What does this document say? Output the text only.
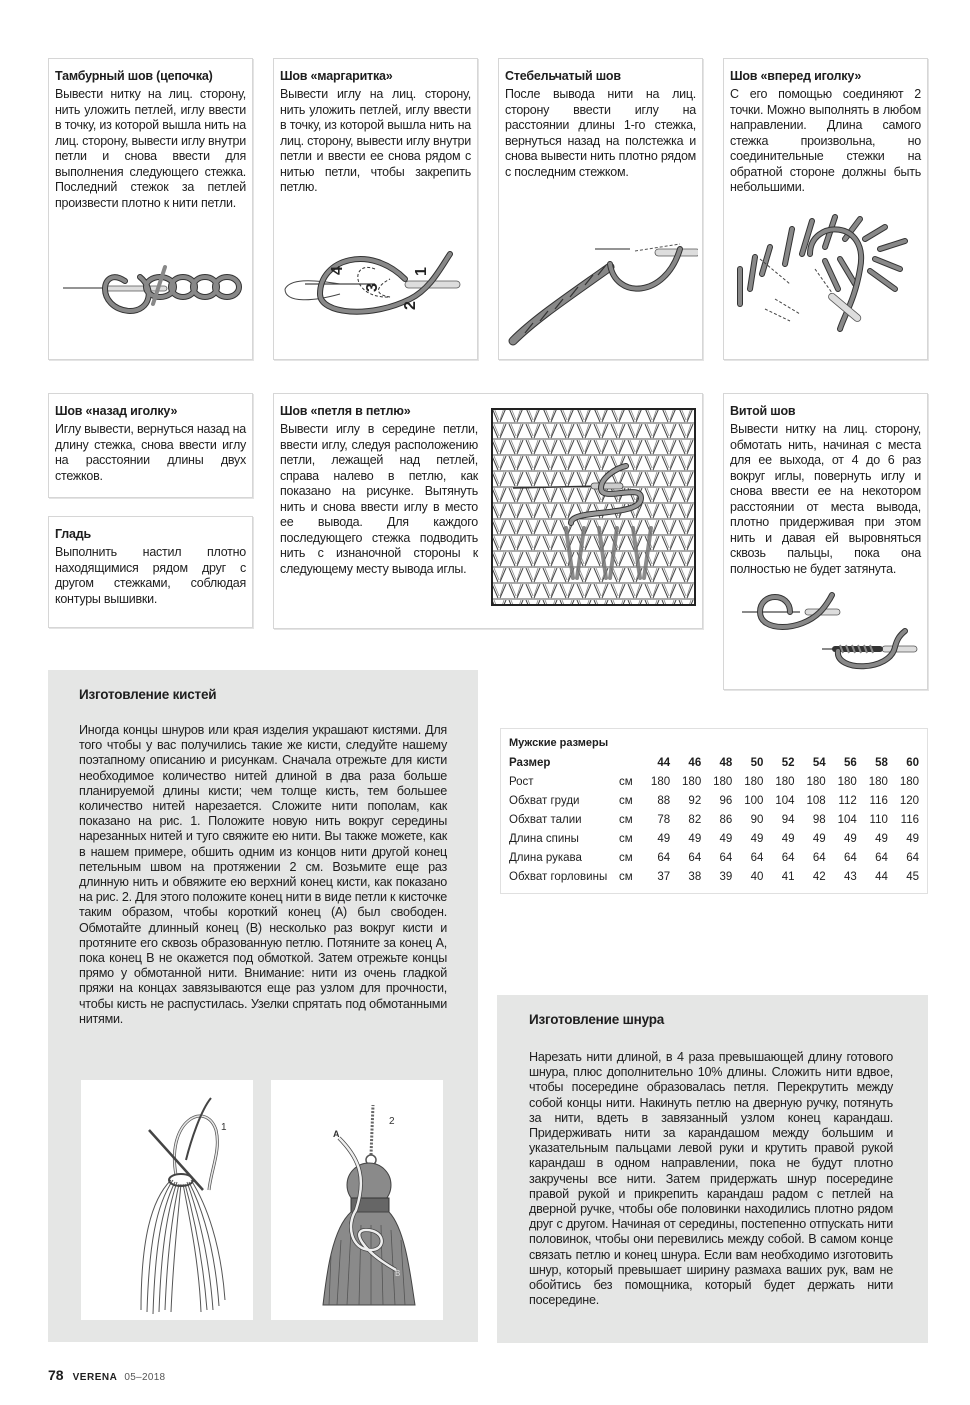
Тамбурный шов (цепочка)

Вывести нитку на лиц. сторону, нить уложить петлей, иглу ввести в точку, из которой вышла нить на лиц. сторону, вывести иглу внутри петли и снова ввести для выполнения следующего стежка. Последний стежок за петлей произвести плотно к нити петли.

Шов «маргаритка»

Вывести иглу на лиц. сторону, нить уложить петлей, иглу ввести в точку, из которой вышла нить на лиц. сторону, вывести иглу внутри петли и ввести ее снова рядом с нитью петли, чтобы закрепить петлю.

4
3
2
1
Стебельчатый шов

После вывода нити на лиц. сторону ввести иглу на расстоянии длины 1-го стежка, вернуться назад на полстежка и снова вывести нить плотно рядом с последним стежком.

Шов «вперед иголку»

С его помощью соединяют 2 точки. Можно выполнять в любом направлении. Длина самого стежка произвольна, но соединительные стежки на обратной стороне должны быть небольшими.

Шов «назад иголку»

Иглу вывести, вернуться назад на длину стежка, снова ввести иглу на расстоянии длины двух стежков.

Гладь

Выполнить настил плотно находящимися рядом друг с другом стежками, соблюдая контуры вышивки.

Шов «петля в петлю»

Вывести иглу в середине петли, ввести иглу, следуя расположению петли, лежащей над петлей, справа налево в петлю, как показано на рисунке. Вытянуть нить и снова ввести иглу в место ее вывода. Для каждого последующего стежка подводить нить с изнаночной стороны к следующему месту вывода иглы.

Витой шов

Вывести нитку на лиц. сторону, обмотать нить, начиная с места для ее выхода, от 4 до 6 раз вокруг иглы, повернуть иглу и снова ввести ее на некотором расстоянии от места вывода, плотно придерживая при этом нить и давая ей выровняться сквозь пальцы, пока она полностью не будет затянута.

Изготовление кистей

Иногда концы шнуров или края изделия украшают кистями. Для того чтобы у вас получились такие же кисти, следуйте нашему поэтапному описанию и рисункам. Сначала отрежьте для кисти необходимое количество нитей длиной в два раза больше планируемой длины кисти; чем толще кисть, тем большее количество нитей нарезается. Сложите нити пополам, как показано на рис. 1. Положите новую нить вокруг середины нарезанных нитей и туго свяжите ею нити. Вы также можете, как в нашем примере, обшить одним из концов нити другой конец петельным швом на протяжении 2 см. Возьмите еще раз длинную нить и обвяжите ею верхний конец кисти, как показано на рис. 2. Для этого положите конец нити в виде петли к кисточке таким образом, чтобы короткий конец (А) был свободен. Обмотайте длинный конец (В) несколько раз вокруг кисти и протяните его сквозь образованную петлю. Потяните за конец А, пока конец В не окажется под обмоткой. Затем отрежьте концы прямо у обмотанной нити. Внимание: нити из очень гладкой пряжи на концах завязываются еще раз узлом для прочности, чтобы кисть не распустилась. Узелки спрятать под обмотанными нитями.

1
2
A
B
Мужские размеры
Размер		44	46	48	50	52	54	56	58	60
Рост	см	180	180	180	180	180	180	180	180	180
Обхват груди	см	88	92	96	100	104	108	112	116	120
Обхват талии	см	78	82	86	90	94	98	104	110	116
Длина спины	см	49	49	49	49	49	49	49	49	49
Длина рукава	см	64	64	64	64	64	64	64	64	64
Обхват горловины	см	37	38	39	40	41	42	43	44	45
Изготовление шнура

Нарезать нити длиной, в 4 раза превышающей длину готового шнура, плюс дополнительно 10% длины. Сложить нити вдвое, чтобы посередине образовалась петля. Перекрутить между собой концы нити. Накинуть петлю на дверную ручку, потянуть за нити, вдеть в завязанный узлом конец карандаш. Придерживать нити за карандашом между большим и указательным пальцами левой руки и крутить правой рукой карандаш в одном направлении, пока не будут плотно закручены все нити. Затем придержать шнур посередине правой рукой и прикрепить карандаш радом с петлей на дверной ручке, чтобы обе половинки находились плотно рядом друг с другом. Начиная от середины, постепенно отпускать нити половинок, чтобы они перевились между собой. В самом конце связать петлю и конец шнура. Если вам необходимо изготовить шнур, который превышает ширину размаха ваших рук, вам не обойтись без помощника, который будет держать нити посередине.

78 VERENA 05–2018
